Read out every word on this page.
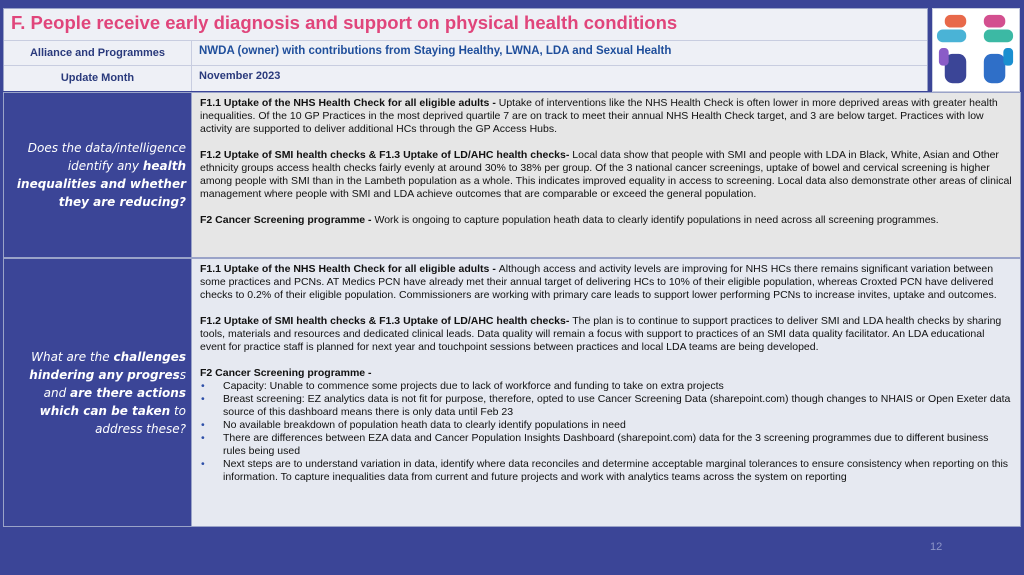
F. People receive early diagnosis and support on physical health conditions
Alliance and Programmes	NWDA (owner) with contributions from Staying Healthy, LWNA, LDA and Sexual Health
Update Month	November 2023
Does the data/intelligence identify any health inequalities and whether they are reducing?
F1.1 Uptake of the NHS Health Check for all eligible adults - Uptake of interventions like the NHS Health Check is often lower in more deprived areas with greater health inequalities. Of the 10 GP Practices in the most deprived quartile 7 are on track to meet their annual NHS Health Check target, and 3 are below target. Practices with low activity are supported to deliver additional HCs through the GP Access Hubs.
F1.2 Uptake of SMI health checks & F1.3 Uptake of LD/AHC health checks- Local data show that people with SMI and people with LDA in Black, White, Asian and Other ethnicity groups access health checks fairly evenly at around 30% to 38% per group. Of the 3 national cancer screenings, uptake of bowel and cervical screening is higher among people with SMI than in the Lambeth population as a whole. This indicates improved equality in access to screening. Local data also demonstrate other areas of clinical management where people with SMI and LDA achieve outcomes that are comparable or exceed the general population.
F2 Cancer Screening programme - Work is ongoing to capture population heath data to clearly identify populations in need across all screening programmes.
What are the challenges hindering any progress and are there actions which can be taken to address these?
F1.1 Uptake of the NHS Health Check for all eligible adults - Although access and activity levels are improving for NHS HCs there remains significant variation between some practices and PCNs. AT Medics PCN have already met their annual target of delivering HCs to 10% of their eligible population, whereas Croxted PCN have delivered checks to 0.2% of their eligible population. Commissioners are working with primary care leads to support lower performing PCNs to increase invites, uptake and outcomes.
F1.2 Uptake of SMI health checks & F1.3 Uptake of LD/AHC health checks- The plan is to continue to support practices to deliver SMI and LDA health checks by sharing tools, materials and resources and dedicated clinical leads. Data quality will remain a focus with support to practices of an SMI data quality facilitator. An LDA educational event for practice staff is planned for next year and touchpoint sessions between practices and local LDA teams are being developed.
F2 Cancer Screening programme -
• Capacity: Unable to commence some projects due to lack of workforce and funding to take on extra projects
• Breast screening: EZ analytics data is not fit for purpose, therefore, opted to use Cancer Screening Data (sharepoint.com) though changes to NHAIS or Open Exeter data source of this dashboard means there is only data until Feb 23
• No available breakdown of population heath data to clearly identify populations in need
• There are differences between EZA data and Cancer Population Insights Dashboard (sharepoint.com) data for the 3 screening programmes due to different business rules being used
• Next steps are to understand variation in data, identify where data reconciles and determine acceptable marginal tolerances to ensure consistency when reporting on this information. To capture inequalities data from current and future projects and work with analytics teams across the system on reporting
12
